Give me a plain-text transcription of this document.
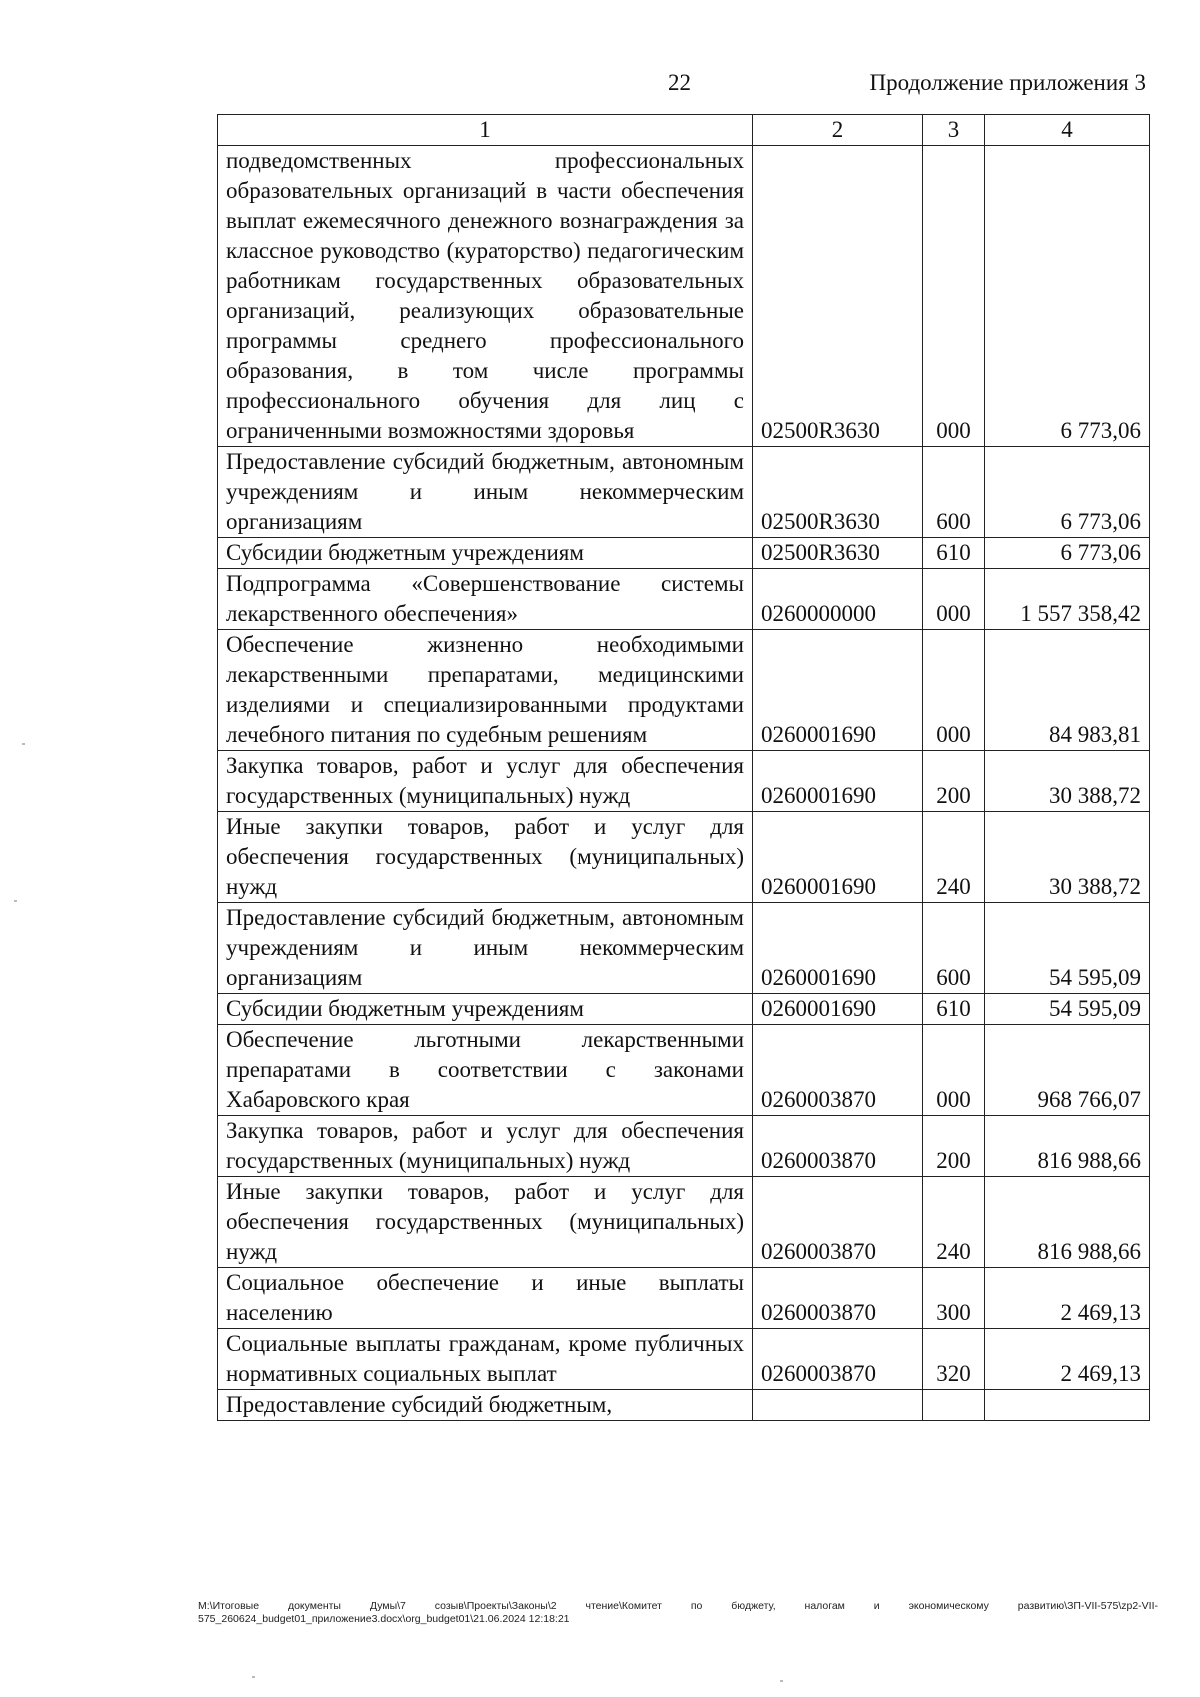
22	Продолжение приложения 3
1	2	3	4
подведомственных профессиональных образовательных организаций в части обеспечения выплат ежемесячного денежного вознаграждения за классное руководство (кураторство) педагогическим работникам государственных образовательных организаций, реализующих образовательные программы среднего профессионального образования, в том числе программы профессионального обучения для лиц с ограниченными возможностями здоровья	02500R3630	000	6 773,06
Предоставление субсидий бюджетным, автономным учреждениям и иным некоммерческим организациям	02500R3630	600	6 773,06
Субсидии бюджетным учреждениям	02500R3630	610	6 773,06
Подпрограмма «Совершенствование системы лекарственного обеспечения»	0260000000	000	1 557 358,42
Обеспечение жизненно необходимыми лекарственными препаратами, медицинскими изделиями и специализированными продуктами лечебного питания по судебным решениям	0260001690	000	84 983,81
Закупка товаров, работ и услуг для обеспечения государственных (муниципальных) нужд	0260001690	200	30 388,72
Иные закупки товаров, работ и услуг для обеспечения государственных (муниципальных) нужд	0260001690	240	30 388,72
Предоставление субсидий бюджетным, автономным учреждениям и иным некоммерческим организациям	0260001690	600	54 595,09
Субсидии бюджетным учреждениям	0260001690	610	54 595,09
Обеспечение льготными лекарственными препаратами в соответствии с законами Хабаровского края	0260003870	000	968 766,07
Закупка товаров, работ и услуг для обеспечения государственных (муниципальных) нужд	0260003870	200	816 988,66
Иные закупки товаров, работ и услуг для обеспечения государственных (муниципальных) нужд	0260003870	240	816 988,66
Социальное обеспечение и иные выплаты населению	0260003870	300	2 469,13
Социальные выплаты гражданам, кроме публичных нормативных социальных выплат	0260003870	320	2 469,13
Предоставление субсидий бюджетным,			
M:\Итоговые документы Думы\7 созыв\Проекты\Законы\2 чтение\Комитет по бюджету, налогам и экономическому развитию\ЗП-VII-575\zp2-VII-575_260624_budget01_приложение3.docx\org_budget01\21.06.2024 12:18:21
